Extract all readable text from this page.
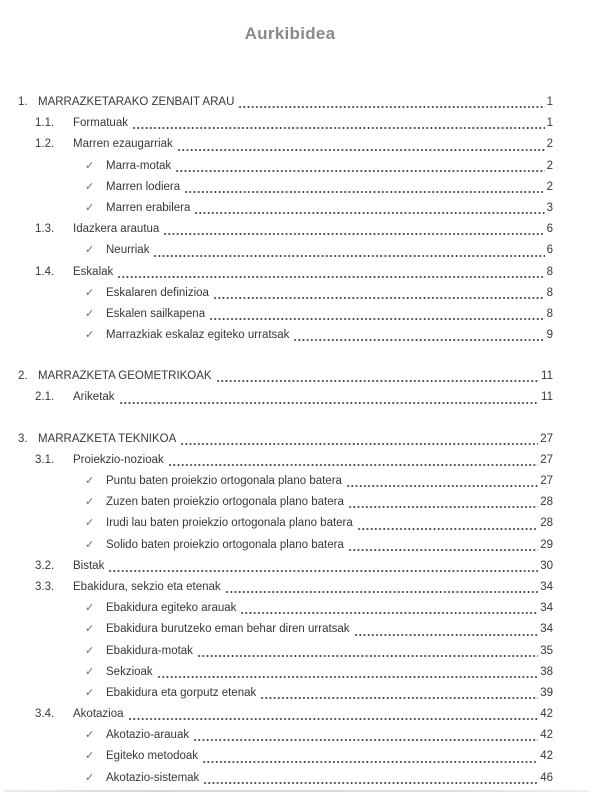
Aurkibidea
1. MARRAZKETARAKO ZENBAIT ARAU	1
1.1.	Formatuak	1
1.2.	Marren ezaugarriak	2
✓	Marra-motak	2
✓	Marren lodiera	2
✓	Marren erabilera	3
1.3.	Idazkera arautua	6
✓	Neurriak	6
1.4.	Eskalak	8
✓	Eskalaren definizioa	8
✓	Eskalen sailkapena	8
✓	Marrazkiak eskalaz egiteko urratsak	9
2. MARRAZKETA GEOMETRIKOAK	11
2.1.	Ariketak	11
3. MARRAZKETA TEKNIKOA	27
3.1.	Proiekzio-nozioak	27
✓	Puntu baten proiekzio ortogonala plano batera	27
✓	Zuzen baten proiekzio ortogonala plano batera	28
✓	Irudi lau baten proiekzio ortogonala plano batera	28
✓	Solido baten proiekzio ortogonala plano batera	29
3.2.	Bistak	30
3.3.	Ebakidura, sekzio eta etenak	34
✓	Ebakidura egiteko arauak	34
✓	Ebakidura burutzeko eman behar diren urratsak	34
✓	Ebakidura-motak	35
✓	Sekzioak	38
✓	Ebakidura eta gorputz etenak	39
3.4.	Akotazioa	42
✓	Akotazio-arauak	42
✓	Egiteko metodoak	42
✓	Akotazio-sistemak	46
